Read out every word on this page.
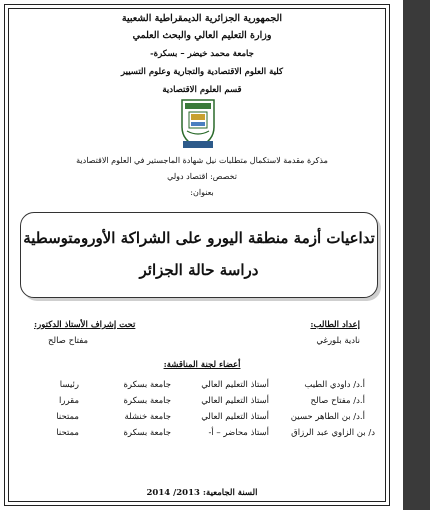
الجمهورية الجزائرية الديمقراطية الشعبية
وزارة التعليم العالي والبحث العلمي
جامعة محمد خيضر – بسكرة-
كلية العلوم الاقتصادية والتجارية وعلوم التسيير
قسم العلوم الاقتصادية
مذكرة مقدمة لاستكمال متطلبات نيل شهادة الماجستير في العلوم الاقتصادية
تخصص: اقتصاد دولي
بعنوان:
تداعيات أزمة منطقة اليورو على الشراكة الأورومتوسطية
دراسة حالة الجزائر
إعداد الطالب:
نادية بلورغي
تحت إشراف الأستاذ الدكتور:
مفتاح صالح
أعضاء لجنة المناقشة:
أ.د/ داودي الطيب
أستاذ التعليم العالي
جامعة بسكرة
رئيسا
أ.د/ مفتاح صالح
أستاذ التعليم العالي
جامعة بسكرة
مقررا
أ.د/ بن الطاهر حسين
أستاذ التعليم العالي
جامعة خنشلة
ممتحنا
د/ بن الزاوي عبد الرزاق
أستاذ محاضر – أ-
جامعة بسكرة
ممتحنا
السنة الجامعية: 2013/ 2014
